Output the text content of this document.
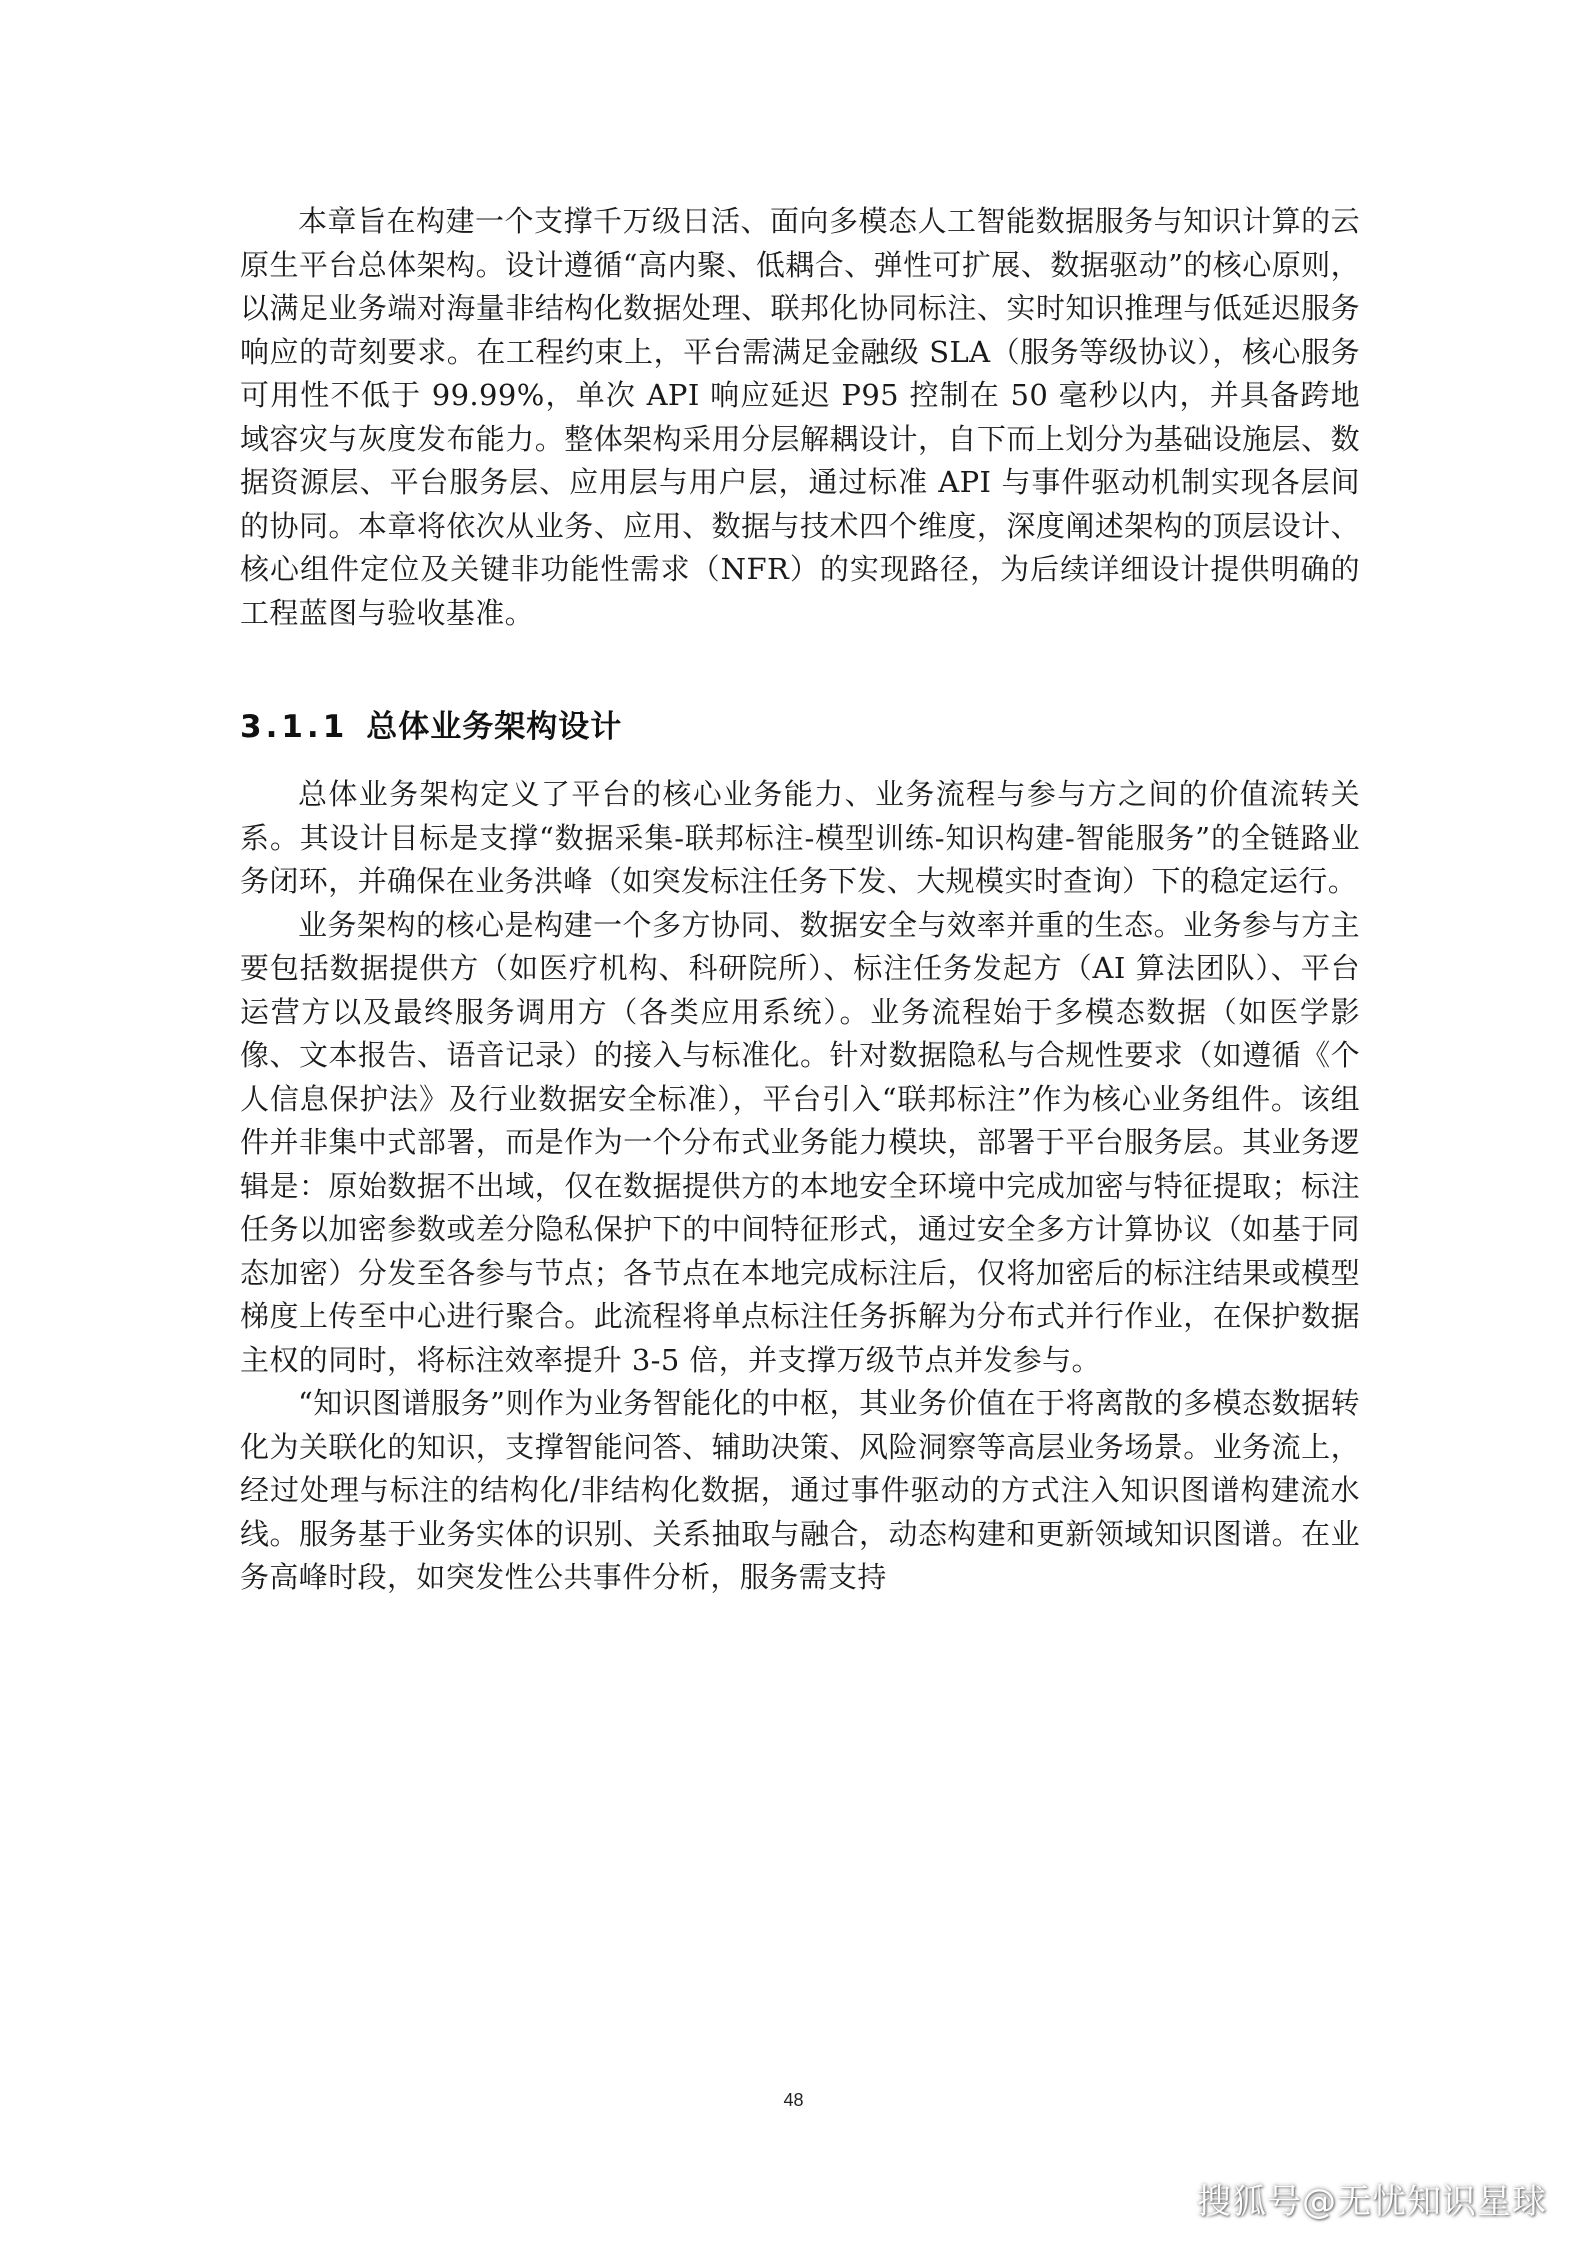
本章旨在构建一个支撑千万级日活、面向多模态人工智能数据服务与知识计算的云原生平台总体架构。设计遵循“高内聚、低耦合、弹性可扩展、数据驱动”的核心原则，以满足业务端对海量非结构化数据处理、联邦化协同标注、实时知识推理与低延迟服务响应的苛刻要求。在工程约束上，平台需满足金融级 SLA（服务等级协议），核心服务可用性不低于 99.99%，单次 API 响应延迟 P95 控制在 50 毫秒以内，并具备跨地域容灾与灰度发布能力。整体架构采用分层解耦设计，自下而上划分为基础设施层、数据资源层、平台服务层、应用层与用户层，通过标准 API 与事件驱动机制实现各层间的协同。本章将依次从业务、应用、数据与技术四个维度，深度阐述架构的顶层设计、核心组件定位及关键非功能性需求（NFR）的实现路径，为后续详细设计提供明确的工程蓝图与验收基准。

3.1.1 总体业务架构设计

总体业务架构定义了平台的核心业务能力、业务流程与参与方之间的价值流转关系。其设计目标是支撑“数据采集-联邦标注-模型训练-知识构建-智能服务”的全链路业务闭环，并确保在业务洪峰（如突发标注任务下发、大规模实时查询）下的稳定运行。

业务架构的核心是构建一个多方协同、数据安全与效率并重的生态。业务参与方主要包括数据提供方（如医疗机构、科研院所）、标注任务发起方（AI 算法团队）、平台运营方以及最终服务调用方（各类应用系统）。业务流程始于多模态数据（如医学影像、文本报告、语音记录）的接入与标准化。针对数据隐私与合规性要求（如遵循《个人信息保护法》及行业数据安全标准），平台引入“联邦标注”作为核心业务组件。该组件并非集中式部署，而是作为一个分布式业务能力模块，部署于平台服务层。其业务逻辑是：原始数据不出域，仅在数据提供方的本地安全环境中完成加密与特征提取；标注任务以加密参数或差分隐私保护下的中间特征形式，通过安全多方计算协议（如基于同态加密）分发至各参与节点；各节点在本地完成标注后，仅将加密后的标注结果或模型梯度上传至中心进行聚合。此流程将单点标注任务拆解为分布式并行作业，在保护数据主权的同时，将标注效率提升 3-5 倍，并支撑万级节点并发参与。

“知识图谱服务”则作为业务智能化的中枢，其业务价值在于将离散的多模态数据转化为关联化的知识，支撑智能问答、辅助决策、风险洞察等高层业务场景。业务流上，经过处理与标注的结构化/非结构化数据，通过事件驱动的方式注入知识图谱构建流水线。服务基于业务实体的识别、关系抽取与融合，动态构建和更新领域知识图谱。在业务高峰时段，如突发性公共事件分析，服务需支持

48
搜狐号@无忧知识星球
